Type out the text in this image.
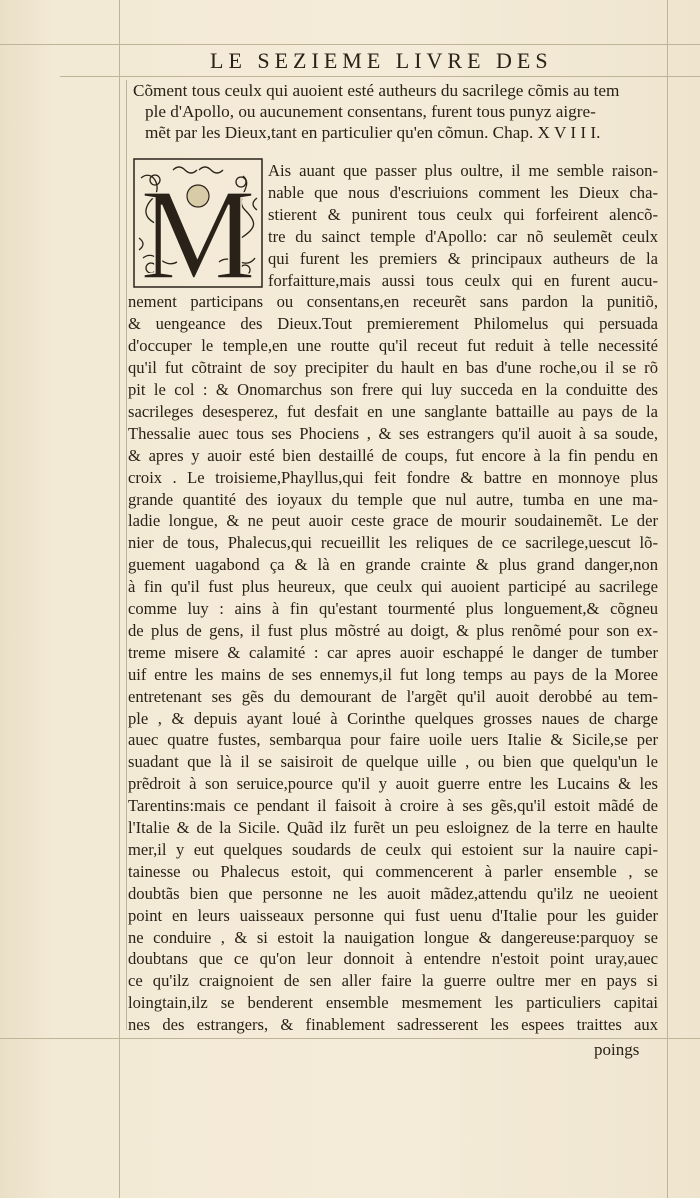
LE SEZIEME LIVRE DES
Cõment tous ceulx qui auoient esté autheurs du sacrilege cõmis au tem
ple d'Apollo, ou aucunement consentans, furent tous punyz aigre-
mẽt par les Dieux,tant en particulier qu'en cõmun. Chap. X V I I I.
M Ais auant que passer plus oultre, il me semble raison-
nable que nous d'escriuions comment les Dieux cha-
stierent & punirent tous ceulx qui forfeirent alencõ-
tre du sainct temple d'Apollo: car nõ seulemẽt ceulx
qui furent les premiers & principaux autheurs de la
forfaitture,mais aussi tous ceulx qui en furent aucu-
nement participans ou consentans,en receurẽt sans pardon la punitiõ,
& uengeance des Dieux.Tout premierement Philomelus qui persuada
d'occuper le temple,en une routte qu'il receut fut reduit à telle necessité
qu'il fut cõtraint de soy precipiter du hault en bas d'une roche,ou il se rõ
pit le col : & Onomarchus son frere qui luy succeda en la conduitte des
sacrileges desesperez, fut desfait en une sanglante battaille au pays de la
Thessalie auec tous ses Phociens , & ses estrangers qu'il auoit à sa soude,
& apres y auoir esté bien destaillé de coups, fut encore à la fin pendu en
croix . Le troisieme,Phayllus,qui feit fondre & battre en monnoye plus
grande quantité des ioyaux du temple que nul autre, tumba en une ma-
ladie longue, & ne peut auoir ceste grace de mourir soudainemẽt. Le der
nier de tous, Phalecus,qui recueillit les reliques de ce sacrilege,uescut lõ-
guement uagabond ça & là en grande crainte & plus grand danger,non
à fin qu'il fust plus heureux, que ceulx qui auoient participé au sacrilege
comme luy : ains à fin qu'estant tourmenté plus longuement,& cõgneu
de plus de gens, il fust plus mõstré au doigt, & plus renõmé pour son ex-
treme misere & calamité : car apres auoir eschappé le danger de tumber
uif entre les mains de ses ennemys,il fut long temps au pays de la Moree
entretenant ses gẽs du demourant de l'argẽt qu'il auoit derobbé au tem-
ple , & depuis ayant loué à Corinthe quelques grosses naues de charge
auec quatre fustes, sembarqua pour faire uoile uers Italie & Sicile,se per
suadant que là il se saisiroit de quelque uille , ou bien que quelqu'un le
prẽdroit à son seruice,pource qu'il y auoit guerre entre les Lucains & les
Tarentins:mais ce pendant il faisoit à croire à ses gẽs,qu'il estoit mãdé de
l'Italie & de la Sicile. Quãd ilz furẽt un peu esloignez de la terre en haulte
mer,il y eut quelques soudards de ceulx qui estoient sur la nauire capi-
tainesse ou Phalecus estoit, qui commencerent à parler ensemble , se
doubtãs bien que personne ne les auoit mãdez,attendu qu'ilz ne ueoient
point en leurs uaisseaux personne qui fust uenu d'Italie pour les guider
ne conduire , & si estoit la nauigation longue & dangereuse:parquoy se
doubtans que ce qu'on leur donnoit à entendre n'estoit point uray,auec
ce qu'ilz craignoient de sen aller faire la guerre oultre mer en pays si
loingtain,ilz se benderent ensemble mesmement les particuliers capitai
nes des estrangers, & finablement sadresserent les espees traittes aux
poings
